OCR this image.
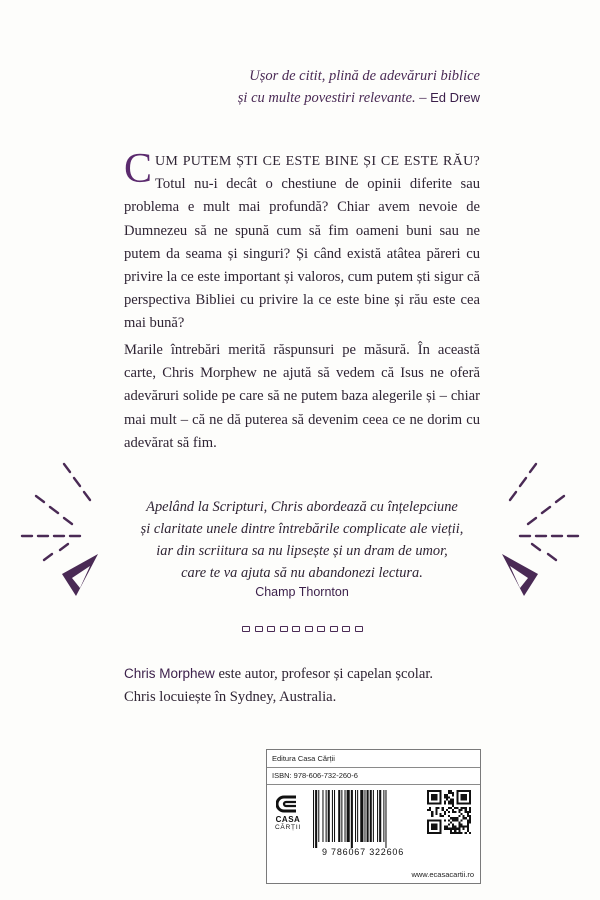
Ușor de citit, plină de adevăruri biblice
și cu multe povestiri relevante. – Ed Drew
CUM PUTEM ȘTI CE ESTE BINE ȘI CE ESTE RĂU? Totul nu-i decât o chestiune de opinii diferite sau problema e mult mai profundă? Chiar avem nevoie de Dumnezeu să ne spună cum să fim oameni buni sau ne putem da seama și singuri? Și când există atâtea păreri cu privire la ce este important și valoros, cum putem ști sigur că perspectiva Bibliei cu privire la ce este bine și rău este cea mai bună?
Marile întrebări merită răspunsuri pe măsură. În această carte, Chris Morphew ne ajută să vedem că Isus ne oferă adevăruri solide pe care să ne putem baza alegerile și – chiar mai mult – că ne dă puterea să devenim ceea ce ne dorim cu adevărat să fim.
Apelând la Scripturi, Chris abordează cu înțelepciune
și claritate unele dintre întrebările complicate ale vieții,
iar din scriitura sa nu lipsește și un dram de umor,
care te va ajuta să nu abandonezi lectura.
Champ Thornton
Chris Morphew este autor, profesor și capelan școlar.
Chris locuiește în Sydney, Australia.
Editura Casa Cărții
ISBN: 978-606-732-260-6
CASA
CĂRȚII
9 786067 322606
www.ecasacartii.ro
